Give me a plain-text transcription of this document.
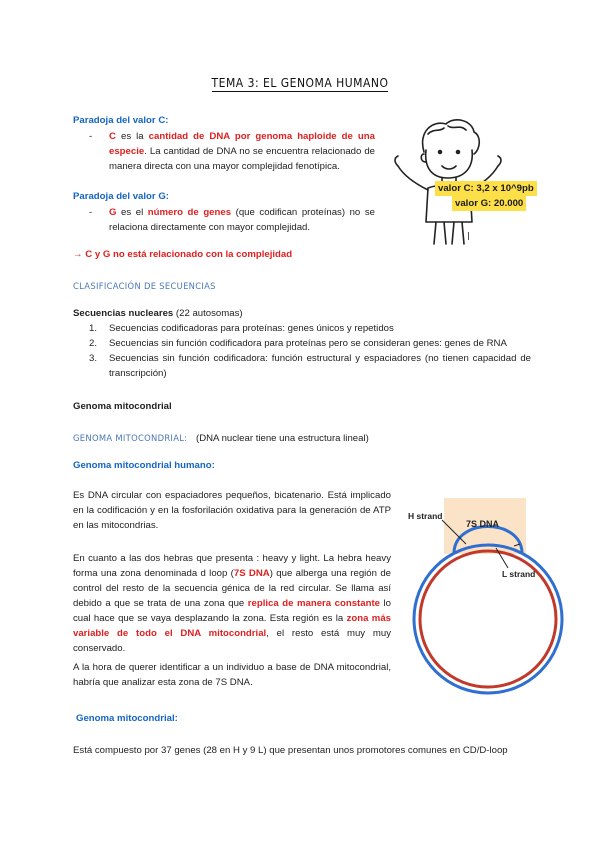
TEMA 3: EL GENOMA HUMANO
Paradoja del valor C:
-	C es la cantidad de DNA por genoma haploide de una especie. La cantidad de DNA no se encuentra relacionado de manera directa con una mayor complejidad fenotípica.
Paradoja del valor G:
-	G es el número de genes (que codifican proteínas) no se relaciona directamente con mayor complejidad.
→ C y G no está relacionado con la complejidad
valor C: 3,2 x 10^9pb
valor G: 20.000
CLASIFICACIÓN DE SECUENCIAS
Secuencias nucleares (22 autosomas)
1.	Secuencias codificadoras para proteínas: genes únicos y repetidos
2.	Secuencias sin función codificadora para proteínas pero se consideran genes: genes de RNA
3.	Secuencias sin función codificadora: función estructural y espaciadores (no tienen capacidad de transcripción)
Genoma mitocondrial
GENOMA MITOCONDRIAL: (DNA nuclear tiene una estructura lineal)
Genoma mitocondrial humano:
Es DNA circular con espaciadores pequeños, bicatenario. Está implicado en la codificación y en la fosforilación oxidativa para la generación de ATP en las mitocondrias.
En cuanto a las dos hebras que presenta : heavy y light. La hebra heavy forma una zona denominada d loop (7S DNA) que alberga una región de control del resto de la secuencia génica de la red circular. Se llama así debido a que se trata de una zona que replica de manera constante lo cual hace que se vaya desplazando la zona. Esta región es la zona más variable de todo el DNA mitocondrial, el resto está muy muy conservado.
A la hora de querer identificar a un individuo a base de DNA mitocondrial, habría que analizar esta zona de 7S DNA.
Genoma mitocondrial:
Está compuesto por 37 genes (28 en H y 9 L) que presentan unos promotores comunes en CD/D-loop
H strand
7S DNA
L strand
